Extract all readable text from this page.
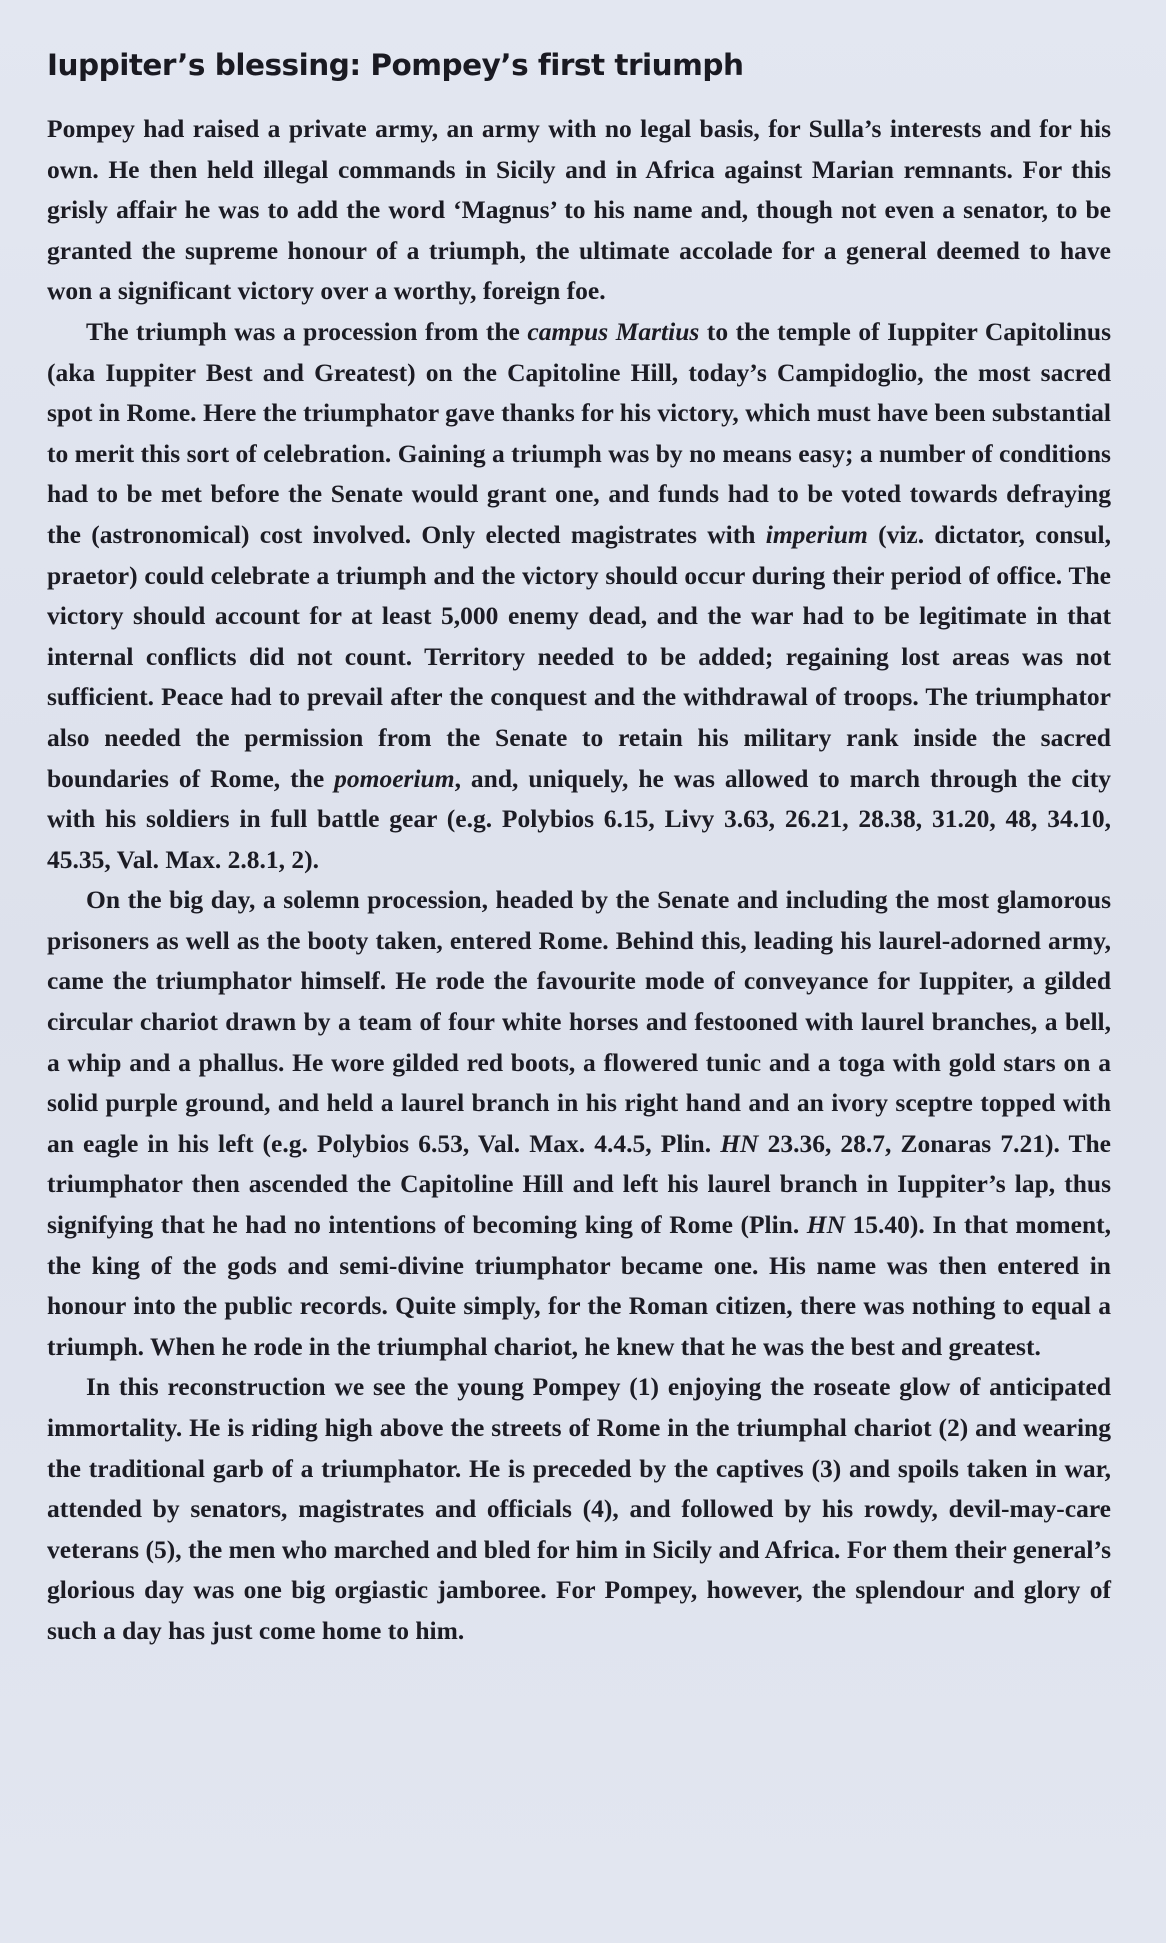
Iuppiter’s blessing: Pompey’s first triumph

Pompey had raised a private army, an army with no legal basis, for Sulla’s interests and for his own. He then held illegal commands in Sicily and in Africa against Marian remnants. For this grisly affair he was to add the word ‘Magnus’ to his name and, though not even a senator, to be granted the supreme honour of a triumph, the ultimate accolade for a general deemed to have won a significant victory over a worthy, foreign foe.

The triumph was a procession from the campus Martius to the temple of Iuppiter Capitolinus (aka Iuppiter Best and Greatest) on the Capitoline Hill, today’s Campidoglio, the most sacred spot in Rome. Here the triumphator gave thanks for his victory, which must have been substantial to merit this sort of celebration. Gaining a triumph was by no means easy; a number of conditions had to be met before the Senate would grant one, and funds had to be voted towards defraying the (astronomical) cost involved. Only elected magistrates with imperium (viz. dictator, consul, praetor) could celebrate a triumph and the victory should occur during their period of office. The victory should account for at least 5,000 enemy dead, and the war had to be legitimate in that internal conflicts did not count. Territory needed to be added; regaining lost areas was not sufficient. Peace had to prevail after the conquest and the withdrawal of troops. The triumphator also needed the permission from the Senate to retain his military rank inside the sacred boundaries of Rome, the pomoerium, and, uniquely, he was allowed to march through the city with his soldiers in full battle gear (e.g. Polybios 6.15, Livy 3.63, 26.21, 28.38, 31.20, 48, 34.10, 45.35, Val. Max. 2.8.1, 2).

On the big day, a solemn procession, headed by the Senate and including the most glamorous prisoners as well as the booty taken, entered Rome. Behind this, leading his laurel-adorned army, came the triumphator himself. He rode the favourite mode of conveyance for Iuppiter, a gilded circular chariot drawn by a team of four white horses and festooned with laurel branches, a bell, a whip and a phallus. He wore gilded red boots, a flowered tunic and a toga with gold stars on a solid purple ground, and held a laurel branch in his right hand and an ivory sceptre topped with an eagle in his left (e.g. Polybios 6.53, Val. Max. 4.4.5, Plin. HN 23.36, 28.7, Zonaras 7.21). The triumphator then ascended the Capitoline Hill and left his laurel branch in Iuppiter’s lap, thus signifying that he had no intentions of becoming king of Rome (Plin. HN 15.40). In that moment, the king of the gods and semi-divine triumphator became one. His name was then entered in honour into the public records. Quite simply, for the Roman citizen, there was nothing to equal a triumph. When he rode in the triumphal chariot, he knew that he was the best and greatest.

In this reconstruction we see the young Pompey (1) enjoying the roseate glow of anticipated immortality. He is riding high above the streets of Rome in the triumphal chariot (2) and wearing the traditional garb of a triumphator. He is preceded by the captives (3) and spoils taken in war, attended by senators, magistrates and officials (4), and followed by his rowdy, devil-may-care veterans (5), the men who marched and bled for him in Sicily and Africa. For them their general’s glorious day was one big orgiastic jamboree. For Pompey, however, the splendour and glory of such a day has just come home to him.
